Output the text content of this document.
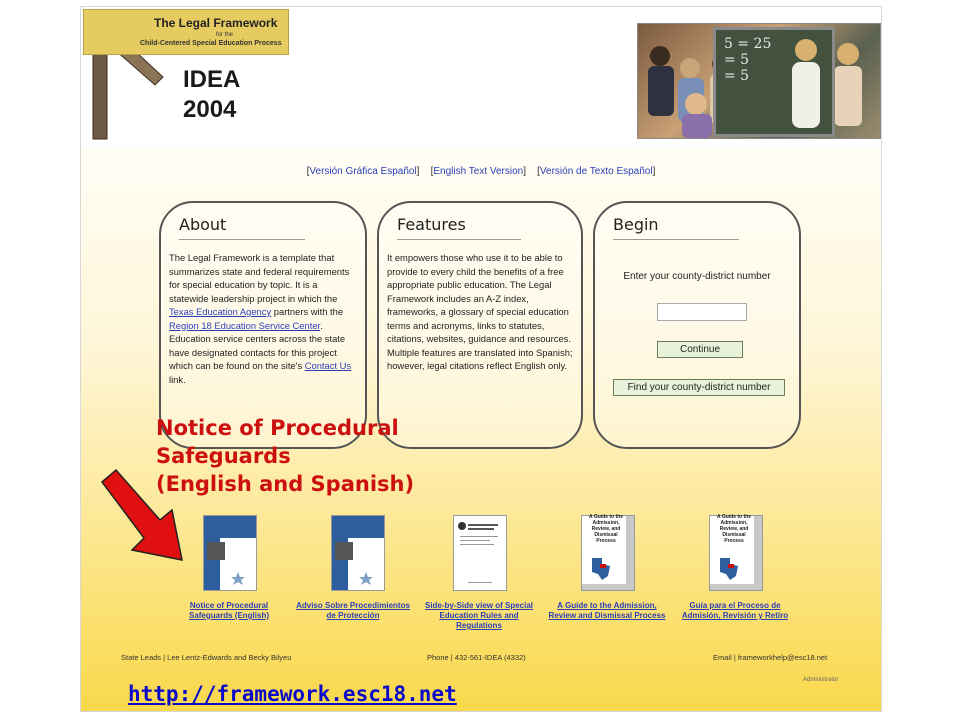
The Legal Framework
for the
Child-Centered Special Education Process
IDEA
2004
5 = 25
= 5
= 5
[Versión Gráfica Español] [English Text Version] [Versión de Texto Español]
About

The Legal Framework is a template that summarizes state and federal requirements for special education by topic. It is a statewide leadership project in which the Texas Education Agency partners with the Region 18 Education Service Center. Education service centers across the state have designated contacts for this project which can be found on the site's Contact Us link.

Features

It empowers those who use it to be able to provide to every child the benefits of a free appropriate public education. The Legal Framework includes an A-Z index, frameworks, a glossary of special education terms and acronyms, links to statutes, citations, websites, guidance and resources. Multiple features are translated into Spanish; however, legal citations reflect English only.

Begin
Enter your county-district number
Continue
Find your county-district number
Notice of Procedural
Safeguards (English)
Adviso Sobre Procedimientos
de Protección
Side-by-Side view of Special
Education Rules and
Regulations
A Guide to the Admission,
Review and Dismissal Process
Guía para el Proceso de
Admisión, Revisión y Retiro
State Leads | Lee Lentz-Edwards and Becky Bilyeu	Phone | 432-561-IDEA (4332)	Email | frameworkhelp@esc18.net
Administrator
A Guide to the
Admission,
Review, and
Dismissal
Process
A Guide to the
Admission,
Review, and
Dismissal
Process
Notice of Procedural
Safeguards
(English and Spanish)
http://framework.esc18.net
